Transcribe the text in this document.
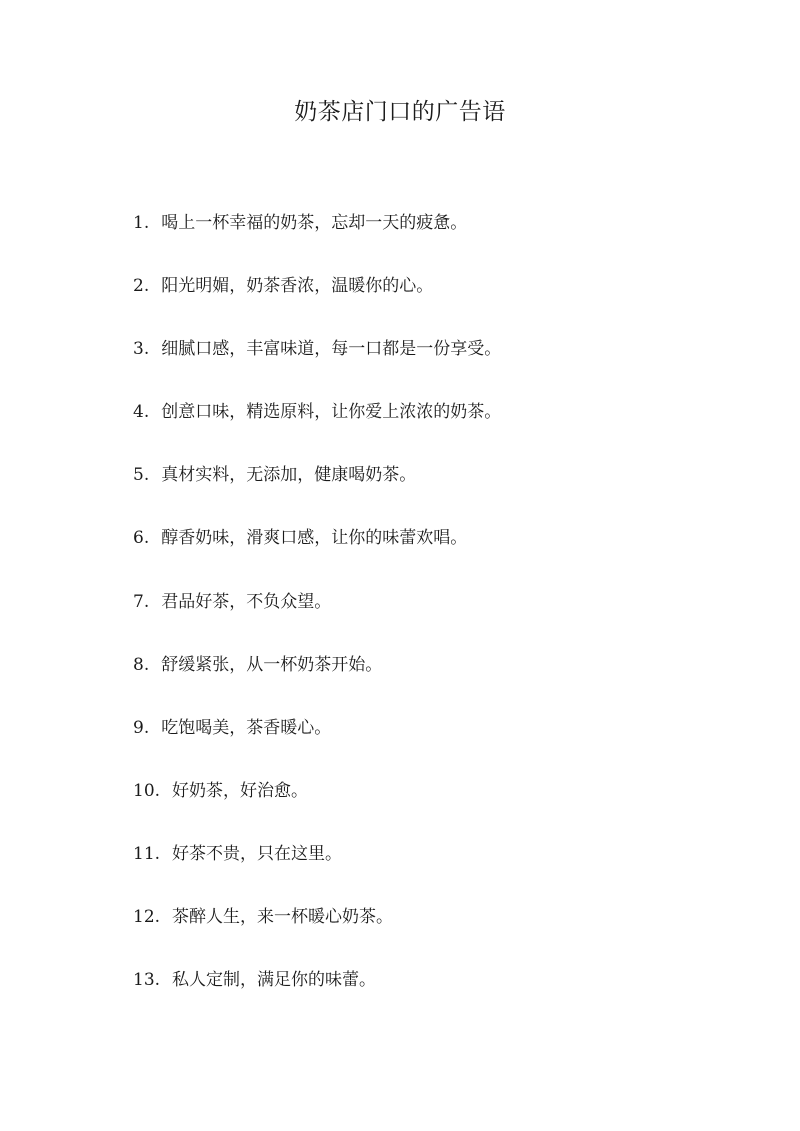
奶茶店门口的广告语
1. 喝上一杯幸福的奶茶，忘却一天的疲惫。
2. 阳光明媚，奶茶香浓，温暖你的心。
3. 细腻口感，丰富味道，每一口都是一份享受。
4. 创意口味，精选原料，让你爱上浓浓的奶茶。
5. 真材实料，无添加，健康喝奶茶。
6. 醇香奶味，滑爽口感，让你的味蕾欢唱。
7. 君品好茶，不负众望。
8. 舒缓紧张，从一杯奶茶开始。
9. 吃饱喝美，茶香暖心。
10. 好奶茶，好治愈。
11. 好茶不贵，只在这里。
12. 茶醉人生，来一杯暖心奶茶。
13. 私人定制，满足你的味蕾。
